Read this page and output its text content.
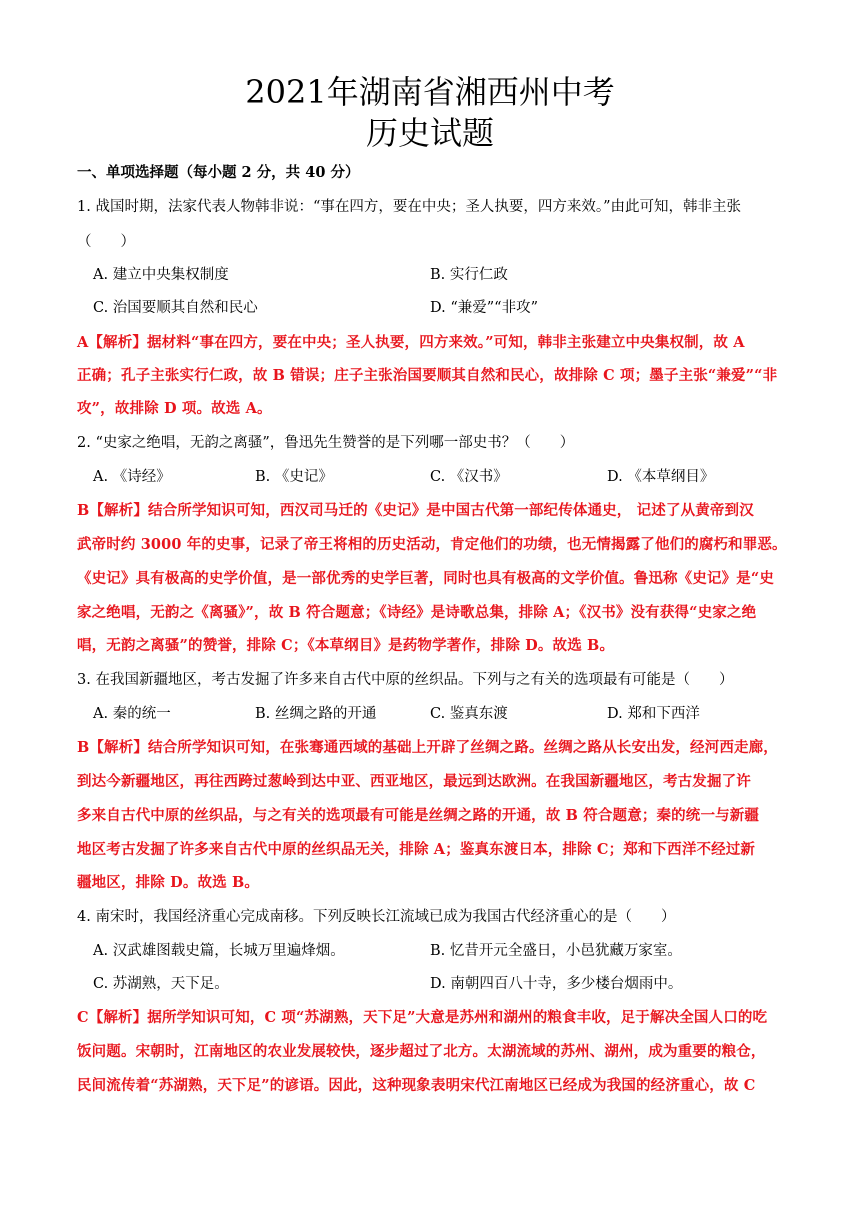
2021年湖南省湘西州中考
历史试题
一、单项选择题（每小题 2 分，共 40 分）
1. 战国时期，法家代表人物韩非说：“事在四方，要在中央；圣人执要，四方来效。”由此可知，韩非主张
（　　）
A. 建立中央集权制度	B. 实行仁政
C. 治国要顺其自然和民心	D. “兼爱”“非攻”
A【解析】据材料“事在四方，要在中央；圣人执要，四方来效。”可知，韩非主张建立中央集权制，故 A
正确；孔子主张实行仁政，故 B 错误；庄子主张治国要顺其自然和民心，故排除 C 项；墨子主张“兼爱”“非
攻”，故排除 D 项。故选 A。
2. “史家之绝唱，无韵之离骚”，鲁迅先生赞誉的是下列哪一部史书？（　　）
A. 《诗经》	B. 《史记》	C. 《汉书》	D. 《本草纲目》
B【解析】结合所学知识可知，西汉司马迁的《史记》是中国古代第一部纪传体通史， 记述了从黄帝到汉
武帝时约 3000 年的史事，记录了帝王将相的历史活动，肯定他们的功绩，也无情揭露了他们的腐朽和罪恶。
《史记》具有极高的史学价值，是一部优秀的史学巨著，同时也具有极高的文学价值。鲁迅称《史记》是“史
家之绝唱，无韵之《离骚》”，故 B 符合题意；《诗经》是诗歌总集，排除 A；《汉书》没有获得“史家之绝
唱，无韵之离骚”的赞誉，排除 C；《本草纲目》是药物学著作，排除 D。故选 B。
3. 在我国新疆地区，考古发掘了许多来自古代中原的丝织品。下列与之有关的选项最有可能是（　　）
A. 秦的统一	B. 丝绸之路的开通	C. 鉴真东渡	D. 郑和下西洋
B【解析】结合所学知识可知，在张骞通西域的基础上开辟了丝绸之路。丝绸之路从长安出发，经河西走廊，
到达今新疆地区，再往西跨过葱岭到达中亚、西亚地区，最远到达欧洲。在我国新疆地区，考古发掘了许
多来自古代中原的丝织品，与之有关的选项最有可能是丝绸之路的开通，故 B 符合题意；秦的统一与新疆
地区考古发掘了许多来自古代中原的丝织品无关，排除 A；鉴真东渡日本，排除 C；郑和下西洋不经过新
疆地区，排除 D。故选 B。
4. 南宋时，我国经济重心完成南移。下列反映长江流域已成为我国古代经济重心的是（　　）
A. 汉武雄图载史篇，长城万里遍烽烟。	B. 忆昔开元全盛日，小邑犹藏万家室。
C. 苏湖熟，天下足。	D. 南朝四百八十寺，多少楼台烟雨中。
C【解析】据所学知识可知，C 项“苏湖熟，天下足”大意是苏州和湖州的粮食丰收，足于解决全国人口的吃
饭问题。宋朝时，江南地区的农业发展较快，逐步超过了北方。太湖流域的苏州、湖州，成为重要的粮仓，
民间流传着“苏湖熟，天下足”的谚语。因此，这种现象表明宋代江南地区已经成为我国的经济重心，故 C
